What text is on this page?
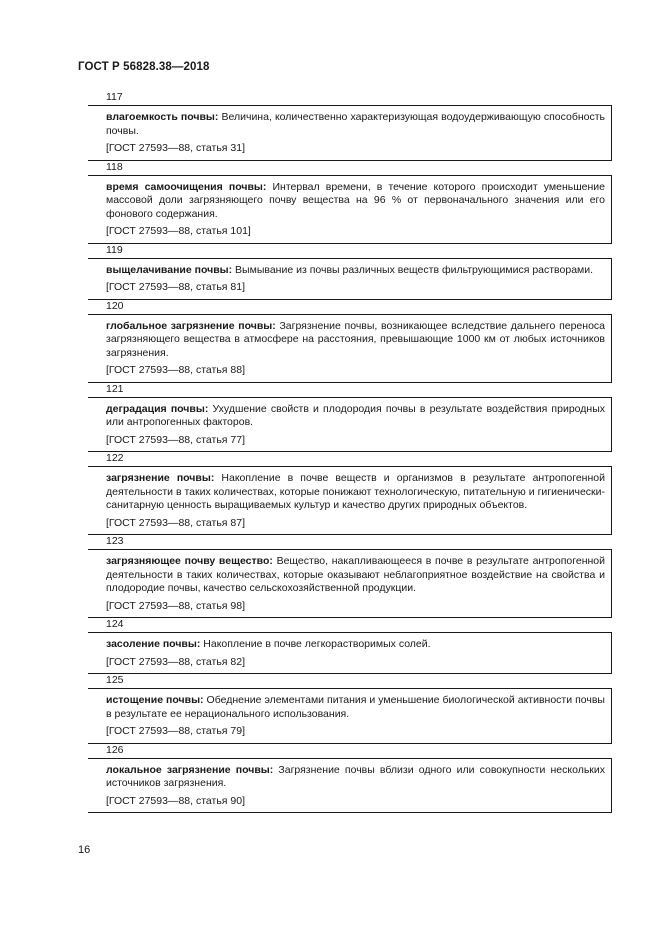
ГОСТ Р 56828.38—2018
117

влагоемкость почвы: Величина, количественно характеризующая водоудерживающую способность почвы.

[ГОСТ 27593—88, статья 31]
118

время самоочищения почвы: Интервал времени, в течение которого происходит уменьшение массовой доли загрязняющего почву вещества на 96 % от первоначального значения или его фонового содержания.

[ГОСТ 27593—88, статья 101]
119

выщелачивание почвы: Вымывание из почвы различных веществ фильтрующимися растворами.

[ГОСТ 27593—88, статья 81]
120

глобальное загрязнение почвы: Загрязнение почвы, возникающее вследствие дальнего переноса загрязняющего вещества в атмосфере на расстояния, превышающие 1000 км от любых источников загрязнения.

[ГОСТ 27593—88, статья 88]
121

деградация почвы: Ухудшение свойств и плодородия почвы в результате воздействия природных или антропогенных факторов.

[ГОСТ 27593—88, статья 77]
122

загрязнение почвы: Накопление в почве веществ и организмов в результате антропогенной деятельности в таких количествах, которые понижают технологическую, питательную и гигиенически-санитарную ценность выращиваемых культур и качество других природных объектов.

[ГОСТ 27593—88, статья 87]
123

загрязняющее почву вещество: Вещество, накапливающееся в почве в результате антропогенной деятельности в таких количествах, которые оказывают неблагоприятное воздействие на свойства и плодородие почвы, качество сельскохозяйственной продукции.

[ГОСТ 27593—88, статья 98]
124

засоление почвы: Накопление в почве легкорастворимых солей.

[ГОСТ 27593—88, статья 82]
125

истощение почвы: Обеднение элементами питания и уменьшение биологической активности почвы в результате ее нерационального использования.

[ГОСТ 27593—88, статья 79]
126

локальное загрязнение почвы: Загрязнение почвы вблизи одного или совокупности нескольких источников загрязнения.

[ГОСТ 27593—88, статья 90]
16
